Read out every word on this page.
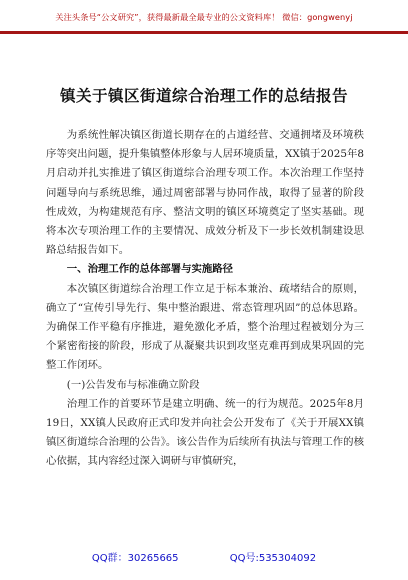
关注头条号“公文研究”，获得最新最全最专业的公文资料库！ 微信：gongwenyj
镇关于镇区街道综合治理工作的总结报告

为系统性解决镇区街道长期存在的占道经营、交通拥堵及环境秩序等突出问题，提升集镇整体形象与人居环境质量，XX镇于2025年8月启动并扎实推进了镇区街道综合治理专项工作。本次治理工作坚持问题导向与系统思维，通过周密部署与协同作战，取得了显著的阶段性成效，为构建规范有序、整洁文明的镇区环境奠定了坚实基础。现将本次专项治理工作的主要情况、成效分析及下一步长效机制建设思路总结报告如下。

一、治理工作的总体部署与实施路径

本次镇区街道综合治理工作立足于标本兼治、疏堵结合的原则，确立了“宣传引导先行、集中整治跟进、常态管理巩固”的总体思路。为确保工作平稳有序推进，避免激化矛盾，整个治理过程被划分为三个紧密衔接的阶段，形成了从凝聚共识到攻坚克难再到成果巩固的完整工作闭环。

(一)公告发布与标准确立阶段

治理工作的首要环节是建立明确、统一的行为规范。2025年8月19日，XX镇人民政府正式印发并向社会公开发布了《关于开展XX镇镇区街道综合治理的公告》。该公告作为后续所有执法与管理工作的核心依据，其内容经过深入调研与审慎研究，

QQ群：30265665	QQ号:535304092
